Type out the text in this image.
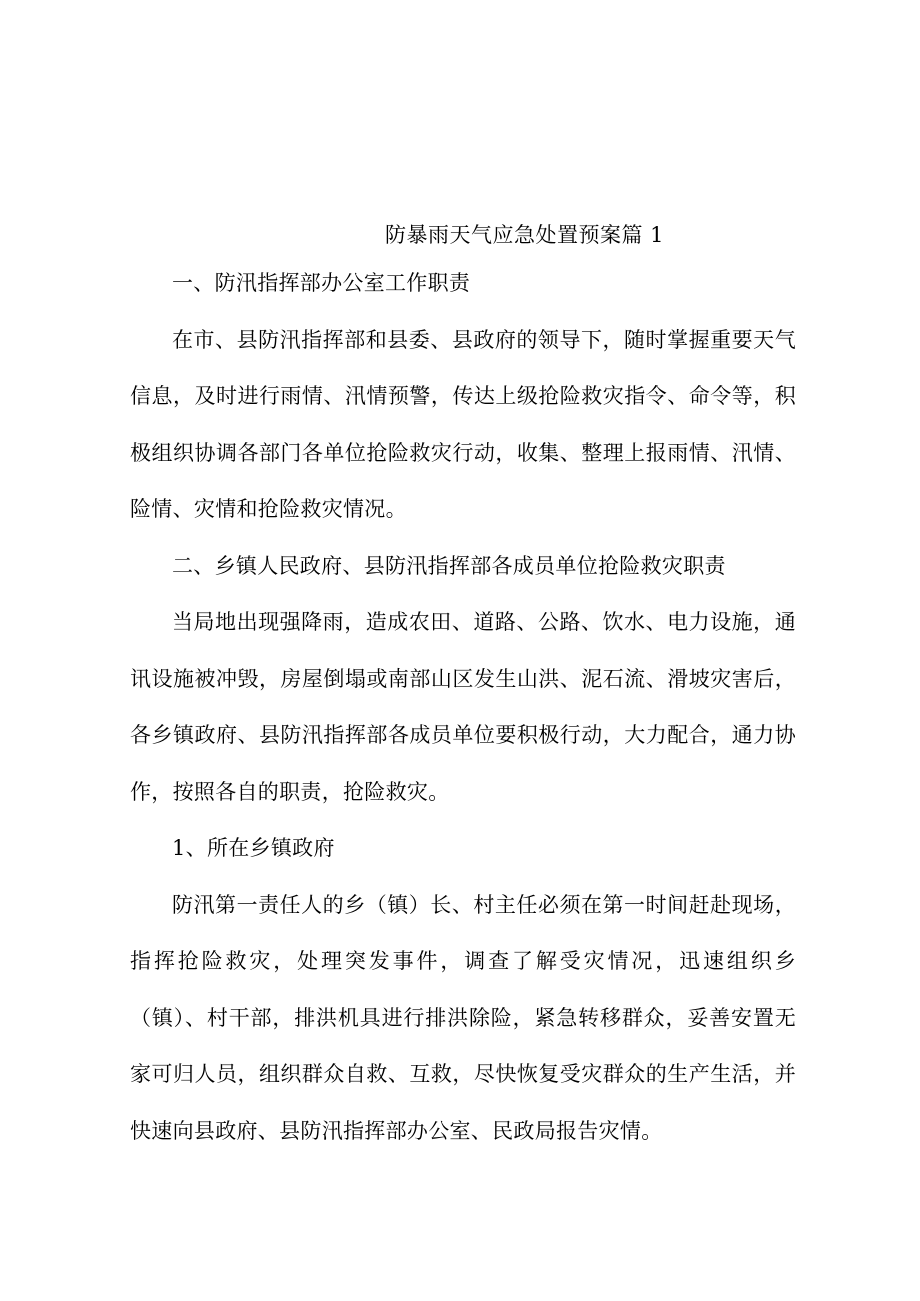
防暴雨天气应急处置预案篇 1

一、防汛指挥部办公室工作职责

在市、县防汛指挥部和县委、县政府的领导下，随时掌握重要天气信息，及时进行雨情、汛情预警，传达上级抢险救灾指令、命令等，积极组织协调各部门各单位抢险救灾行动，收集、整理上报雨情、汛情、险情、灾情和抢险救灾情况。

二、乡镇人民政府、县防汛指挥部各成员单位抢险救灾职责

当局地出现强降雨，造成农田、道路、公路、饮水、电力设施，通讯设施被冲毁，房屋倒塌或南部山区发生山洪、泥石流、滑坡灾害后，各乡镇政府、县防汛指挥部各成员单位要积极行动，大力配合，通力协作，按照各自的职责，抢险救灾。

1、所在乡镇政府

防汛第一责任人的乡（镇）长、村主任必须在第一时间赶赴现场，指挥抢险救灾，处理突发事件，调查了解受灾情况，迅速组织乡（镇）、村干部，排洪机具进行排洪除险，紧急转移群众，妥善安置无家可归人员，组织群众自救、互救，尽快恢复受灾群众的生产生活，并快速向县政府、县防汛指挥部办公室、民政局报告灾情。
